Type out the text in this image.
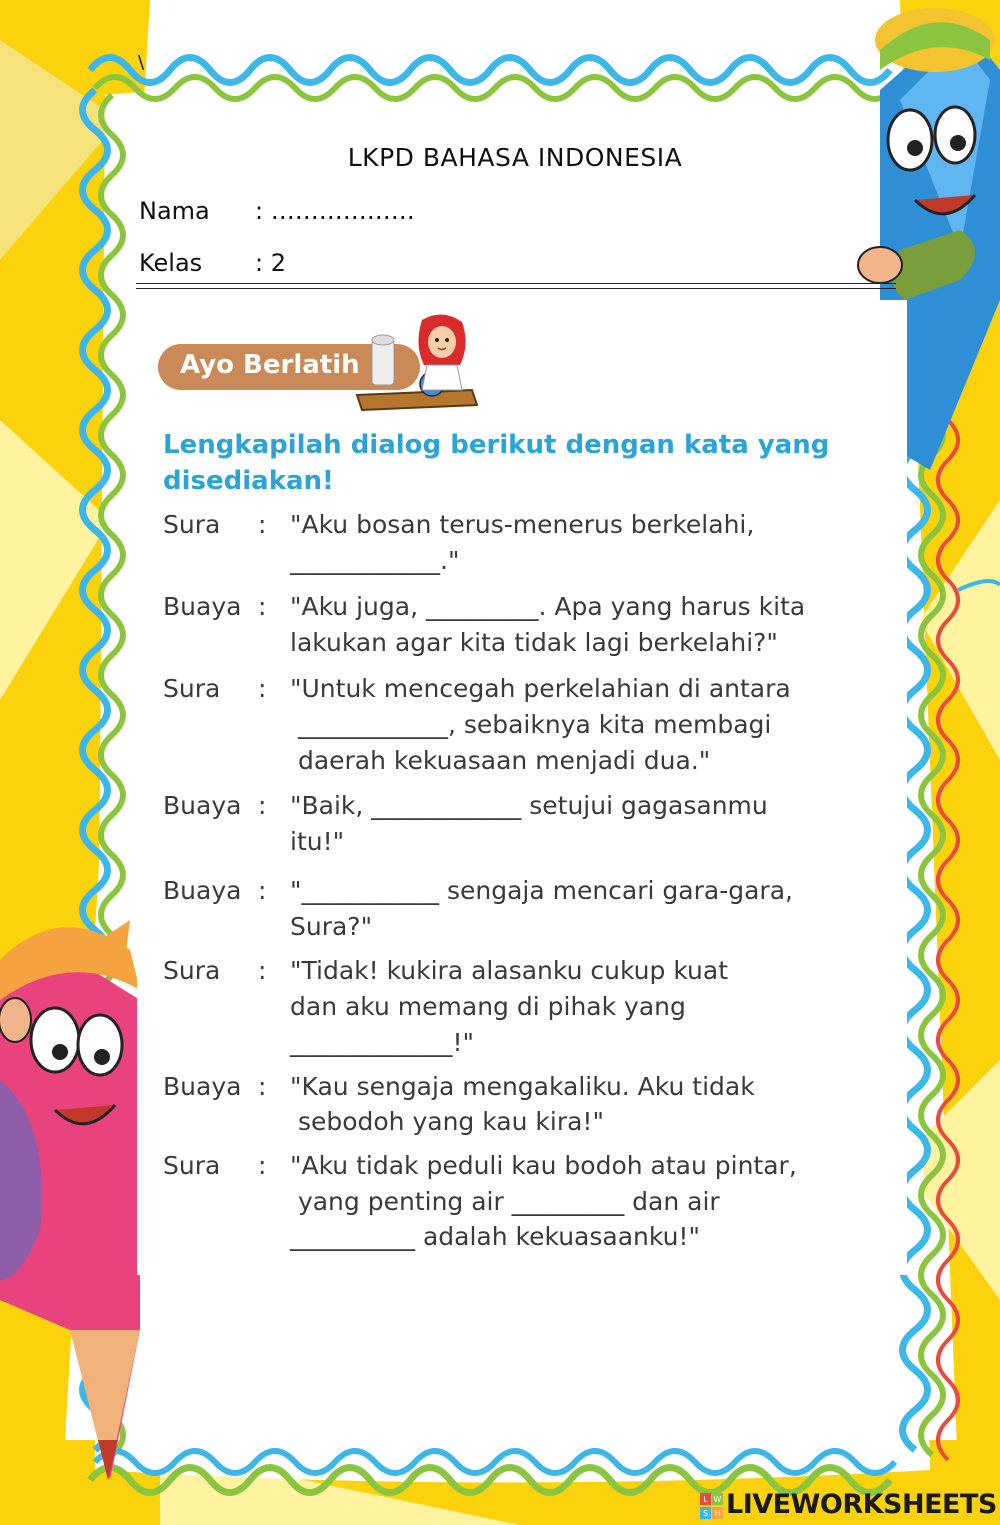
\
LKPD BAHASA INDONESIA
Nama : ………………
Kelas : 2
Ayo Berlatih
Lengkapilah dialog berikut dengan kata yang disediakan!
Sura : "Aku bosan terus-menerus berkelahi,
____________."
Buaya : "Aku juga, _________. Apa yang harus kita
lakukan agar kita tidak lagi berkelahi?"
Sura : "Untuk mencegah perkelahian di antara
____________, sebaiknya kita membagi
daerah kekuasaan menjadi dua."
Buaya : "Baik, ____________ setujui gagasanmu
itu!"
Buaya : "___________ sengaja mencari gara-gara,
Sura?"
Sura : "Tidak! kukira alasanku cukup kuat
dan aku memang di pihak yang
_____________!"
Buaya : "Kau sengaja mengakaliku. Aku tidak
sebodoh yang kau kira!"
Sura : "Aku tidak peduli kau bodoh atau pintar,
yang penting air _________ dan air
__________ adalah kekuasaanku!"
L W
S H LIVEWORKSHEETS
